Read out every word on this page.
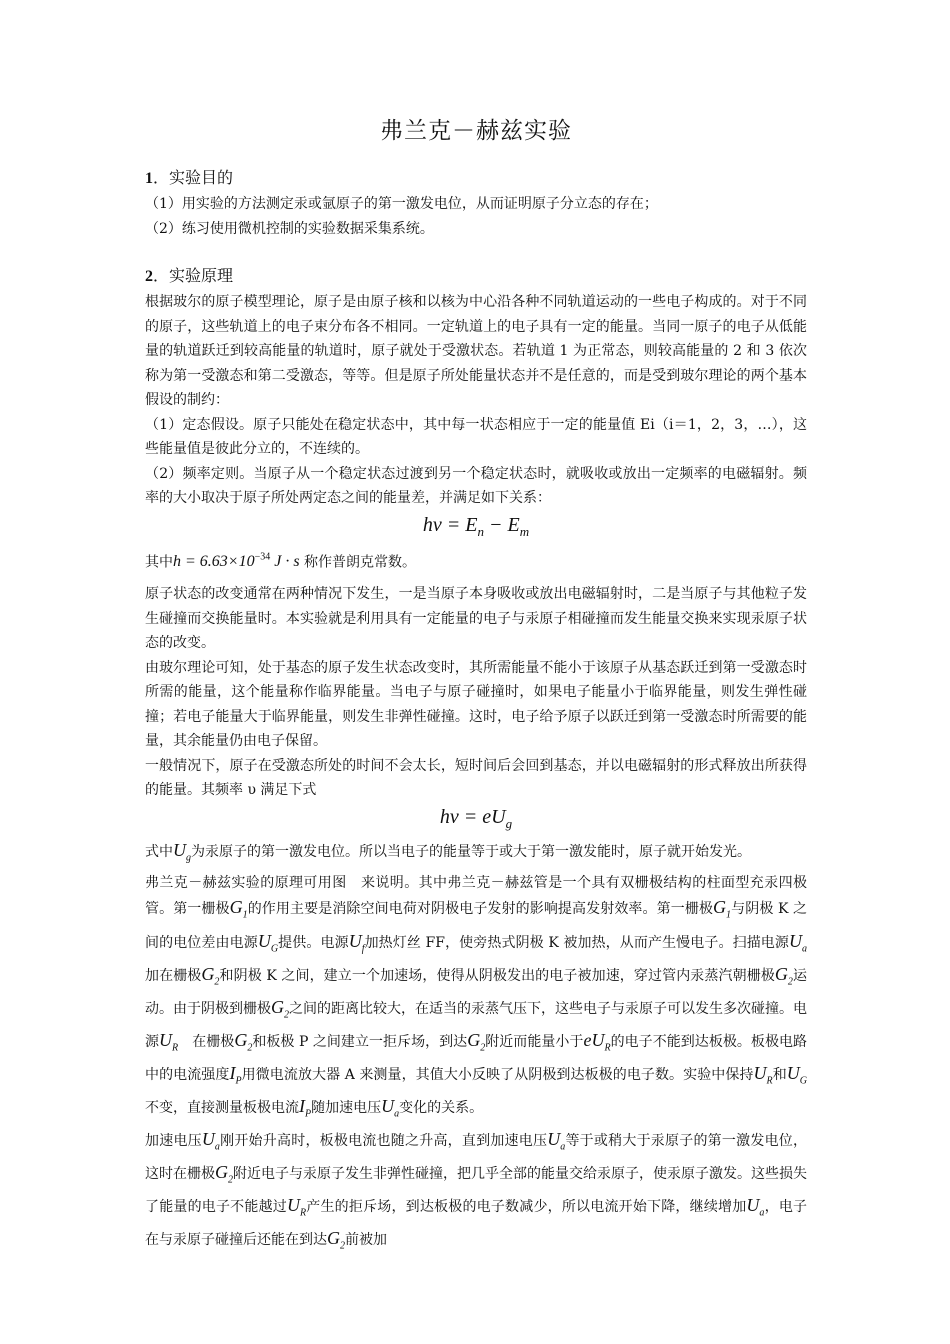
弗兰克－赫兹实验
1．实验目的

（1）用实验的方法测定汞或氩原子的第一激发电位，从而证明原子分立态的存在；

（2）练习使用微机控制的实验数据采集系统。

2．实验原理

根据玻尔的原子模型理论，原子是由原子核和以核为中心沿各种不同轨道运动的一些电子构成的。对于不同的原子，这些轨道上的电子束分布各不相同。一定轨道上的电子具有一定的能量。当同一原子的电子从低能量的轨道跃迁到较高能量的轨道时，原子就处于受激状态。若轨道 1 为正常态，则较高能量的 2 和 3 依次称为第一受激态和第二受激态，等等。但是原子所处能量状态并不是任意的，而是受到玻尔理论的两个基本假设的制约：

（1）定态假设。原子只能处在稳定状态中，其中每一状态相应于一定的能量值 Ei（i＝1，2，3，…），这些能量值是彼此分立的，不连续的。

（2）频率定则。当原子从一个稳定状态过渡到另一个稳定状态时，就吸收或放出一定频率的电磁辐射。频率的大小取决于原子所处两定态之间的能量差，并满足如下关系：

$h\nu = E_n - E_m$

其中$h = 6.63\times 10^{-34}$ J · s 称作普朗克常数。

原子状态的改变通常在两种情况下发生，一是当原子本身吸收或放出电磁辐射时，二是当原子与其他粒子发生碰撞而交换能量时。本实验就是利用具有一定能量的电子与汞原子相碰撞而发生能量交换来实现汞原子状态的改变。

由玻尔理论可知，处于基态的原子发生状态改变时，其所需能量不能小于该原子从基态跃迁到第一受激态时所需的能量，这个能量称作临界能量。当电子与原子碰撞时，如果电子能量小于临界能量，则发生弹性碰撞；若电子能量大于临界能量，则发生非弹性碰撞。这时，电子给予原子以跃迁到第一受激态时所需要的能量，其余能量仍由电子保留。

一般情况下，原子在受激态所处的时间不会太长，短时间后会回到基态，并以电磁辐射的形式释放出所获得的能量。其频率 υ 满足下式

$h\nu = eU_g$

式中$U_g$为汞原子的第一激发电位。所以当电子的能量等于或大于第一激发能时，原子就开始发光。

弗兰克－赫兹实验的原理可用图　来说明。其中弗兰克－赫兹管是一个具有双栅极结构的柱面型充汞四极管。第一栅极$G_1$的作用主要是消除空间电荷对阴极电子发射的影响提高发射效率。第一栅极$G_1$与阴极 K 之间的电位差由电源$U_G$提供。电源$U_f$加热灯丝 FF，使旁热式阴极 K 被加热，从而产生慢电子。扫描电源$U_a$加在栅极$G_2$和阴极 K 之间，建立一个加速场，使得从阴极发出的电子被加速，穿过管内汞蒸汽朝栅极$G_2$运动。由于阴极到栅极$G_2$之间的距离比较大，在适当的汞蒸气压下，这些电子与汞原子可以发生多次碰撞。电源$U_R$　在栅极$G_2$和板极 P 之间建立一拒斥场，到达$G_2$附近而能量小于$eU_R$的电子不能到达板极。板极电路中的电流强度$I_P$用微电流放大器 A 来测量，其值大小反映了从阴极到达板极的电子数。实验中保持$U_R$和$U_G$不变，直接测量板极电流$I_P$随加速电压$U_a$变化的关系。

加速电压$U_a$刚开始升高时，板极电流也随之升高，直到加速电压$U_a$等于或稍大于汞原子的第一激发电位，这时在栅极$G_2$附近电子与汞原子发生非弹性碰撞，把几乎全部的能量交给汞原子，使汞原子激发。这些损失了能量的电子不能越过$U_R$产生的拒斥场，到达板极的电子数减少，所以电流开始下降，继续增加$U_a$，电子在与汞原子碰撞后还能在到达$G_2$前被加
